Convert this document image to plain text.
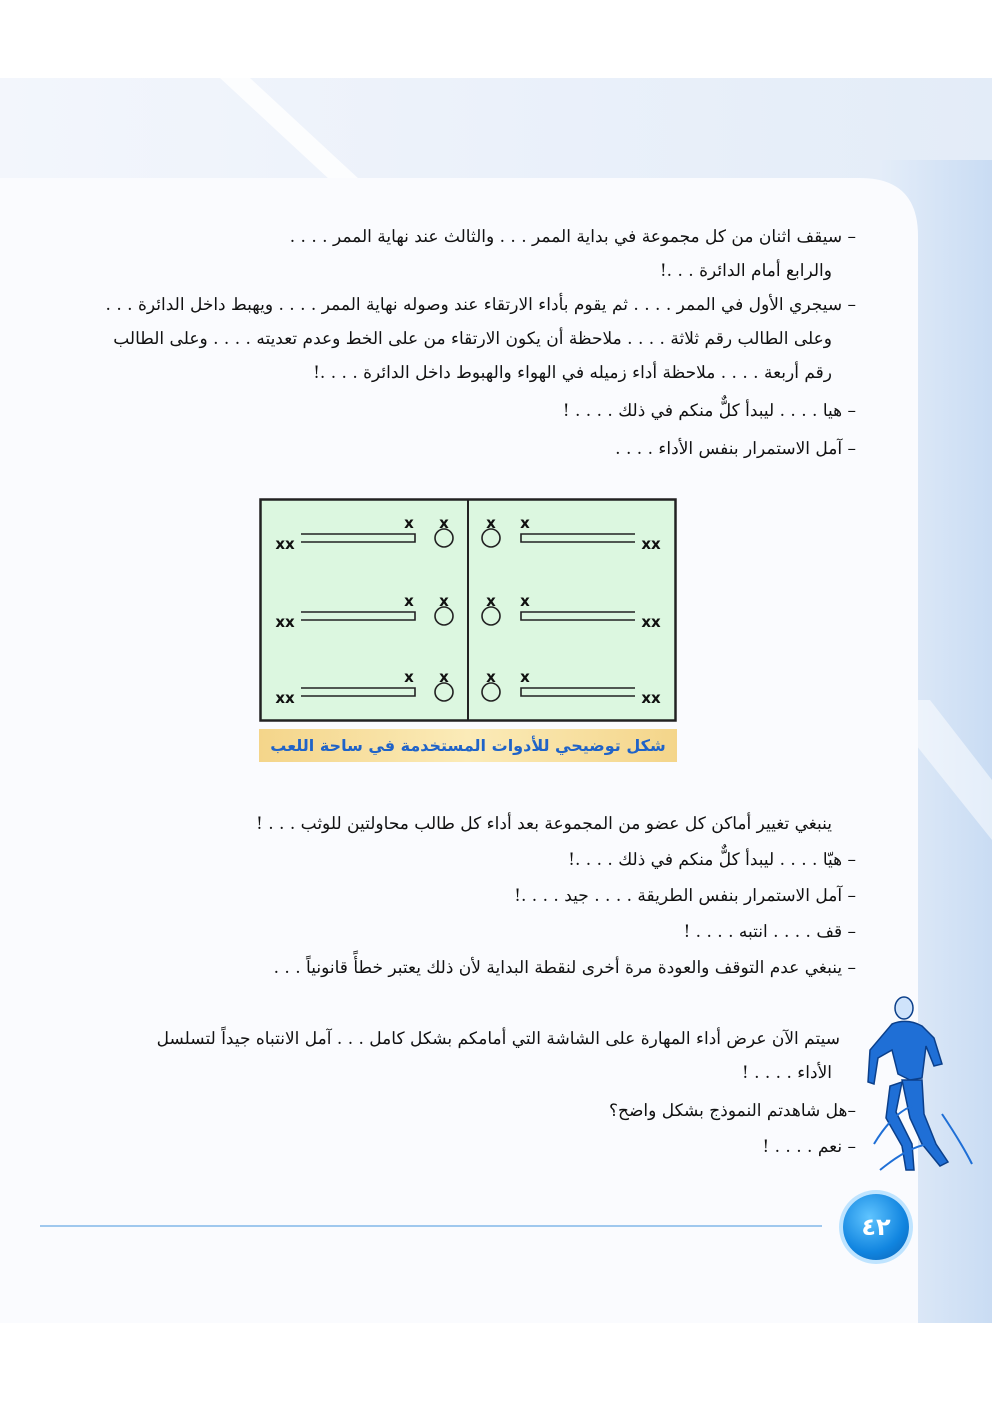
– سيقف اثنان من كل مجموعة في بداية الممر . . . والثالث عند نهاية الممر . . . .
والرابع أمام الدائرة . . .!
– سيجري الأول في الممر . . . . ثم يقوم بأداء الارتقاء عند وصوله نهاية الممر . . . . ويهبط داخل الدائرة . . .
وعلى الطالب رقم ثلاثة . . . . ملاحظة أن يكون الارتقاء من على الخط وعدم تعديته . . . . وعلى الطالب
رقم أربعة . . . . ملاحظة أداء زميله في الهواء والهبوط داخل الدائرة . . . .!
– هيا . . . . ليبدأ كلٌّ منكم في ذلك . . . . !
– آمل الاستمرار بنفس الأداء . . . .
x x x x
xx	xx
x x x x
xx	xx
x x x x
xx	xx
شكل توضيحي للأدوات المستخدمة في ساحة اللعب
ينبغي تغيير أماكن كل عضو من المجموعة بعد أداء كل طالب محاولتين للوثب . . . !
– هيّا . . . . ليبدأ كلٌّ منكم في ذلك . . . .!
– آمل الاستمرار بنفس الطريقة . . . . جيد . . . .!
– قف . . . . انتبه . . . . !
– ينبغي عدم التوقف والعودة مرة أخرى لنقطة البداية لأن ذلك يعتبر خطأً قانونياً . . .
سيتم الآن عرض أداء المهارة على الشاشة التي أمامكم بشكل كامل . . . آمل الانتباه جيداً لتسلسل
الأداء . . . . !
–هل شاهدتم النموذج بشكل واضح؟
– نعم . . . . !
٤٢
